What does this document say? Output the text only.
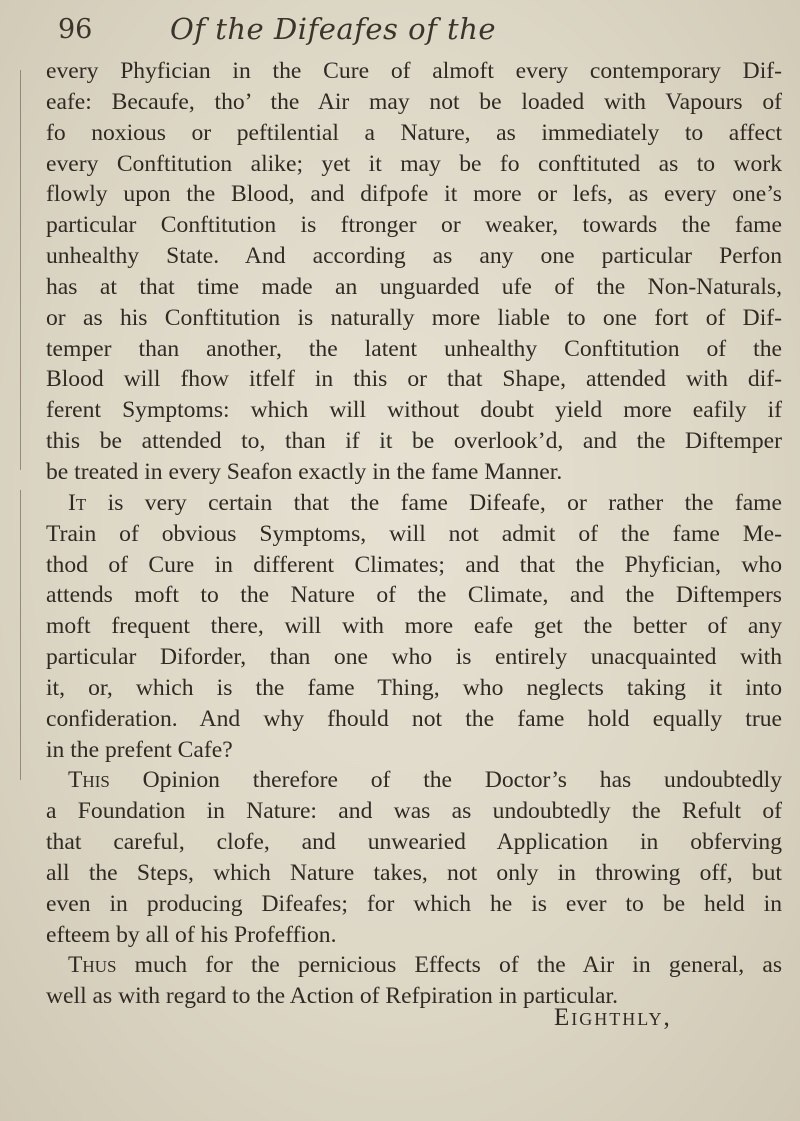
96	Of the Difeafes of the
every Phyfician in the Cure of almoft every contemporary Dif-
eafe: Becaufe, tho’ the Air may not be loaded with Vapours of
fo noxious or peftilential a Nature, as immediately to affect
every Conftitution alike; yet it may be fo conftituted as to work
flowly upon the Blood, and difpofe it more or lefs, as every one’s
particular Conftitution is ftronger or weaker, towards the fame
unhealthy State. And according as any one particular Perfon
has at that time made an unguarded ufe of the Non-Naturals,
or as his Conftitution is naturally more liable to one fort of Dif-
temper than another, the latent unhealthy Conftitution of the
Blood will fhow itfelf in this or that Shape, attended with dif-
ferent Symptoms: which will without doubt yield more eafily if
this be attended to, than if it be overlook’d, and the Diftemper
be treated in every Seafon exactly in the fame Manner.
It is very certain that the fame Difeafe, or rather the fame
Train of obvious Symptoms, will not admit of the fame Me-
thod of Cure in different Climates; and that the Phyfician, who
attends moft to the Nature of the Climate, and the Diftempers
moft frequent there, will with more eafe get the better of any
particular Diforder, than one who is entirely unacquainted with
it, or, which is the fame Thing, who neglects taking it into
confideration. And why fhould not the fame hold equally true
in the prefent Cafe?
This Opinion therefore of the Doctor’s has undoubtedly
a Foundation in Nature: and was as undoubtedly the Refult of
that careful, clofe, and unwearied Application in obferving
all the Steps, which Nature takes, not only in throwing off, but
even in producing Difeafes; for which he is ever to be held in
efteem by all of his Profeffion.
Thus much for the pernicious Effects of the Air in general, as
well as with regard to the Action of Refpiration in particular.
Eighthly,
